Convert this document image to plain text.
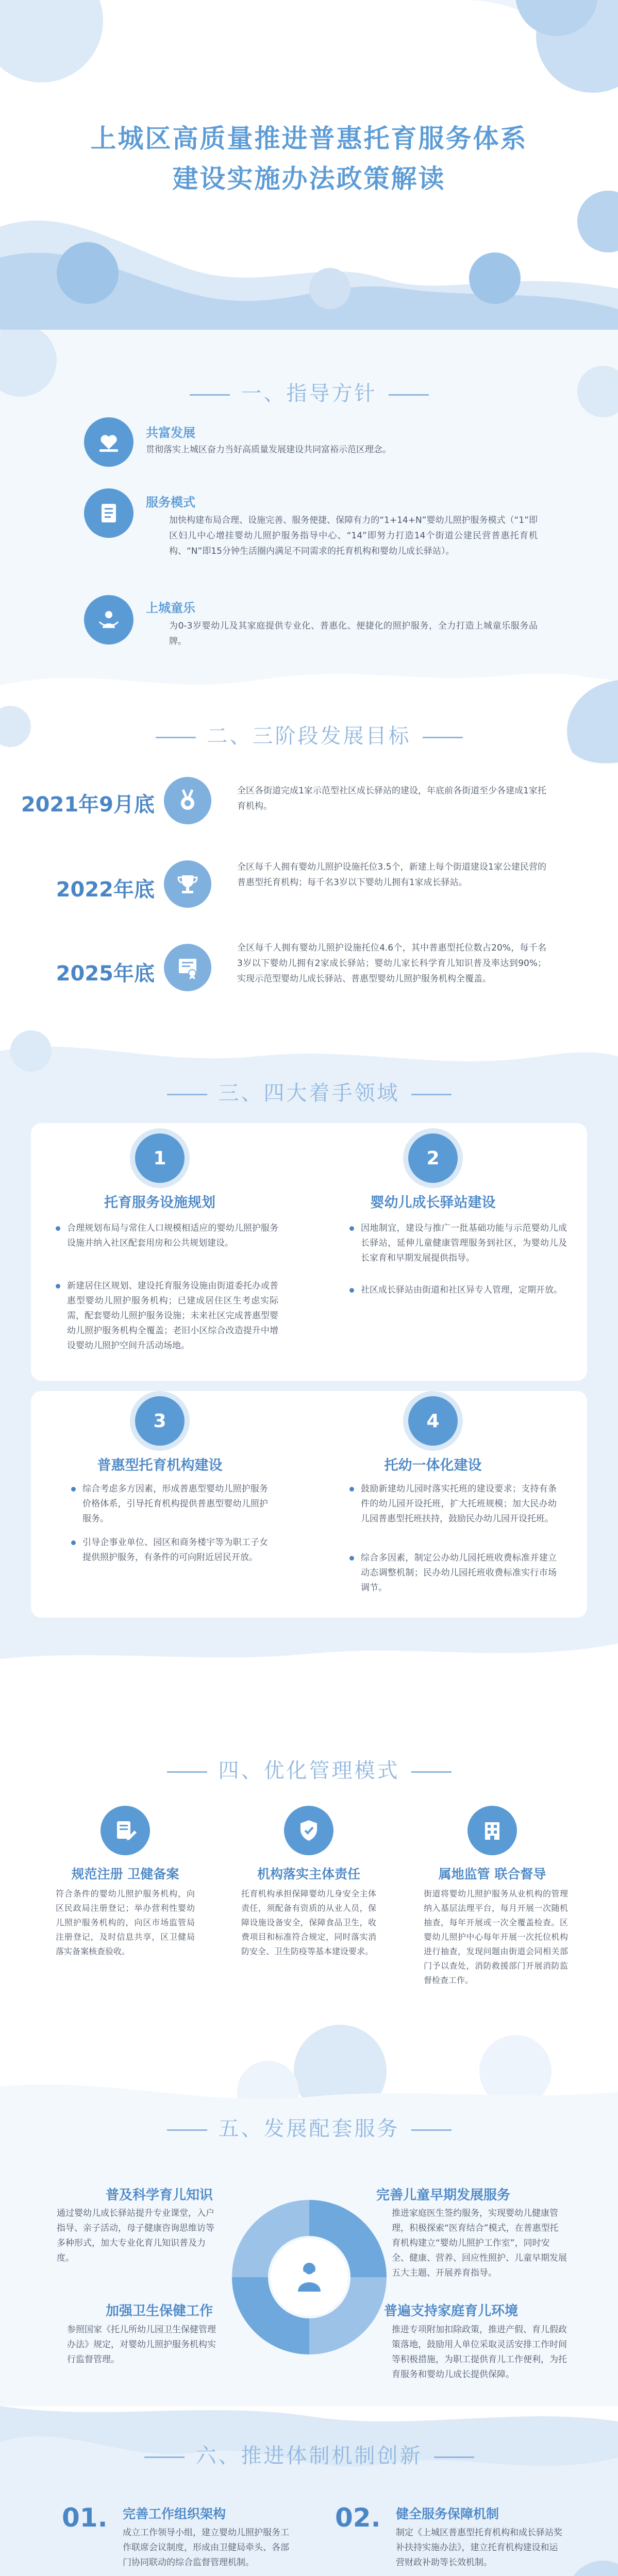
上城区高质量推进普惠托育服务体系
建设实施办法政策解读
一、指导方针
共富发展
贯彻落实上城区奋力当好高质量发展建设共同富裕示范区理念。
服务模式
加快构建布局合理、设施完善、服务便捷、保障有力的“1+14+N”婴幼儿照护服务模式（“1”即区妇儿中心增挂婴幼儿照护服务指导中心、“14”即努力打造14个街道公建民营普惠托育机构、“N”即15分钟生活圈内满足不同需求的托育机构和婴幼儿成长驿站）。
上城童乐
为0-3岁婴幼儿及其家庭提供专业化、普惠化、便捷化的照护服务，全力打造上城童乐服务品牌。
二、三阶段发展目标
2021年9月底
全区各街道完成1家示范型社区成长驿站的建设，年底前各街道至少各建成1家托育机构。
2022年底
全区每千人拥有婴幼儿照护设施托位3.5个，新建上每个街道建设1家公建民营的普惠型托育机构；每千名3岁以下婴幼儿拥有1家成长驿站。
2025年底
全区每千人拥有婴幼儿照护设施托位4.6个，其中普惠型托位数占20%，每千名3岁以下婴幼儿拥有2家成长驿站；婴幼儿家长科学育儿知识普及率达到90%；实现示范型婴幼儿成长驿站、普惠型婴幼儿照护服务机构全覆盖。
三、四大着手领域
1
托育服务设施规划
合理规划布局与常住人口规模相适应的婴幼儿照护服务设施并纳入社区配套用房和公共规划建设。
新建居住区规划、建设托育服务设施由街道委托办或普惠型婴幼儿照护服务机构；已建成居住区生考虑实际需，配套婴幼儿照护服务设施；未来社区完成普惠型婴幼儿照护服务机构全覆盖；老旧小区综合改造提升中增设婴幼儿照护空间升活动场地。
2
婴幼儿成长驿站建设
因地制宜，建设与推广一批基础功能与示范婴幼儿成长驿站，延伸儿童健康管理服务到社区，为婴幼儿及长家育和早期发展提供指导。
社区成长驿站由街道和社区异专人管理，定期开放。
3
普惠型托育机构建设
综合考虑多方因素，形成普惠型婴幼儿照护服务价格体系，引导托育机构提供普惠型婴幼儿照护服务。
引导企事业单位、园区和商务楼宇等为职工子女提供照护服务，有条件的可向附近居民开放。
4
托幼一体化建设
鼓励新建幼儿园时落实托班的建设要求；支持有条件的幼儿园开设托班，扩大托班规模；加大民办幼儿园普惠型托班扶持，鼓励民办幼儿园开设托班。
综合多因素，制定公办幼儿园托班收费标准并建立动态调整机制；民办幼儿园托班收费标准实行市场调节。
四、优化管理模式
规范注册 卫健备案
符合条件的婴幼儿照护服务机构，向区民政局注册登记；举办营利性婴幼儿照护服务机构的，向区市场监管局注册登记，及时信息共享，区卫健局落实备案核查验收。
机构落实主体责任
托育机构承担保障婴幼儿身安全主体责任，须配备有资质的从业人员，保障设施设备安全，保障食品卫生，收费项目和标准符合规定，同时落实消防安全、卫生防疫等基本建设要求。
属地监管 联合督导
街道将婴幼儿照护服务从业机构的管理纳入基层法理平台，每月开展一次随机抽查，每年开展或一次全覆盖检查。区婴幼儿照护中心每年开展一次托位机构进行抽查，发现问题由街道会同相关部门予以查处，消防救援部门开展消防监督检查工作。
五、发展配套服务
普及科学育儿知识
通过婴幼儿成长驿站提升专业课堂，入户指导、亲子活动，母子健康咨询思维访等多种形式，加大专业化育儿知识普及力度。
完善儿童早期发展服务
推进家庭医生签约服务，实现婴幼儿健康管理，积极探索“医育结合”模式，在普惠型托育机构建立“婴幼儿照护工作室”，同时安全、健康、营养、回应性照护、儿童早期发展五大主题、开展养育指导。
加强卫生保健工作
参照国家《托儿所幼儿园卫生保健管理办法》规定，对婴幼儿照护服务机构实行监督管理。
普遍支持家庭育儿环境
推进专项附加扣除政策，推进产假、育儿假政策落地，鼓励用人单位采取灵活安排工作时间等积极措施，为职工提供育儿工作便利，为托育服务和婴幼儿成长提供保障。
六、推进体制机制创新
01. 完善工作组织架构
成立工作领导小组，建立婴幼儿照护服务工作联席会议制度，形成由卫健局牵头、各部门协同联动的综合监督管理机制。
02. 健全服务保障机制
制定《上城区普惠型托育机构和成长驿站奖补扶持实施办法》，建立托育机构建设和运营财政补助等长效机制。
